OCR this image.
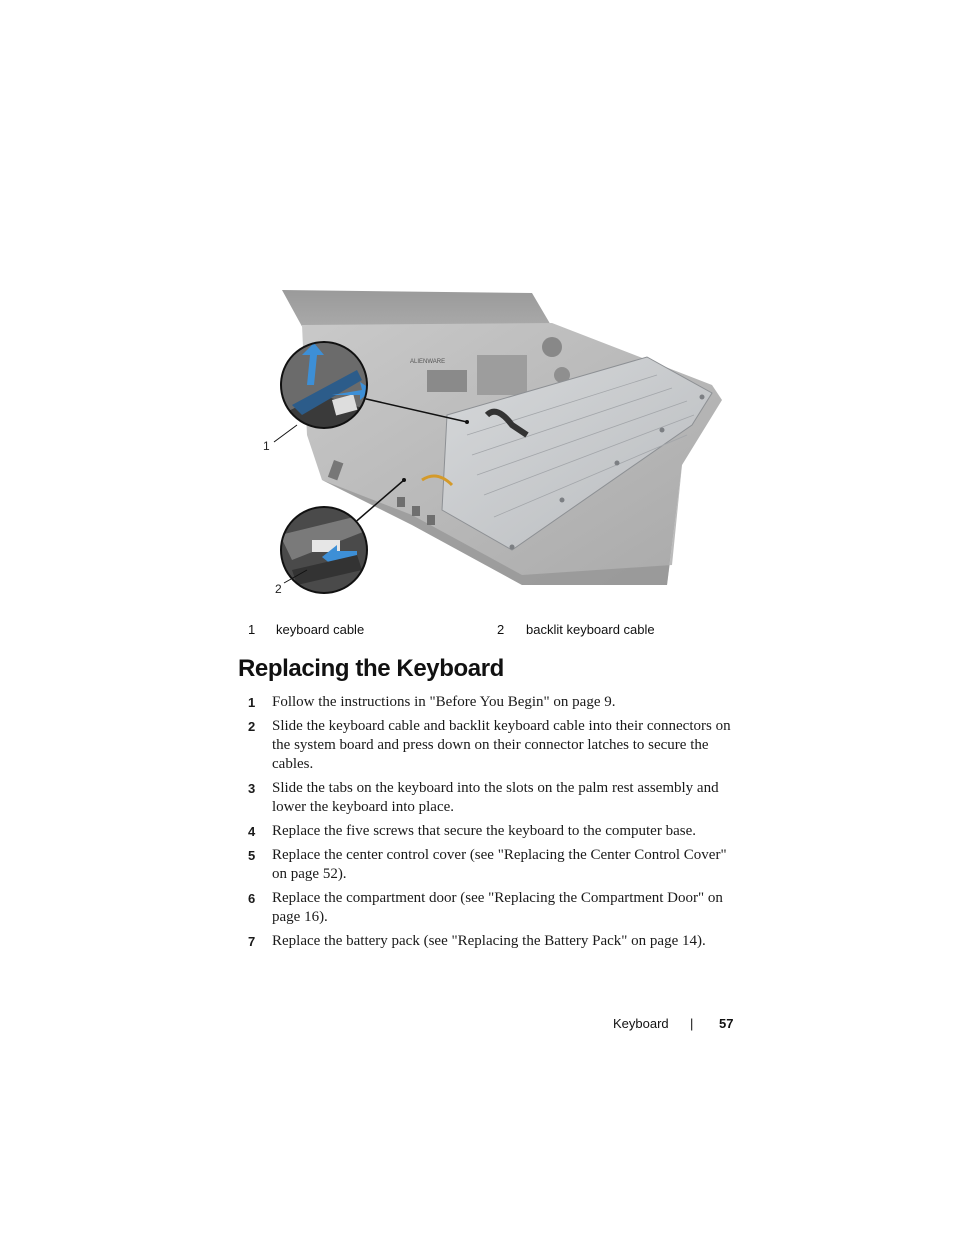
ALIENWARE
1
2
1 keyboard cable	2 backlit keyboard cable
Replacing the Keyboard
1 Follow the instructions in "Before You Begin" on page 9.
2 Slide the keyboard cable and backlit keyboard cable into their connectors on the system board and press down on their connector latches to secure the cables.
3 Slide the tabs on the keyboard into the slots on the palm rest assembly and lower the keyboard into place.
4 Replace the five screws that secure the keyboard to the computer base.
5 Replace the center control cover (see "Replacing the Center Control Cover" on page 52).
6 Replace the compartment door (see "Replacing the Compartment Door" on page 16).
7 Replace the battery pack (see "Replacing the Battery Pack" on page 14).
Keyboard | 57
